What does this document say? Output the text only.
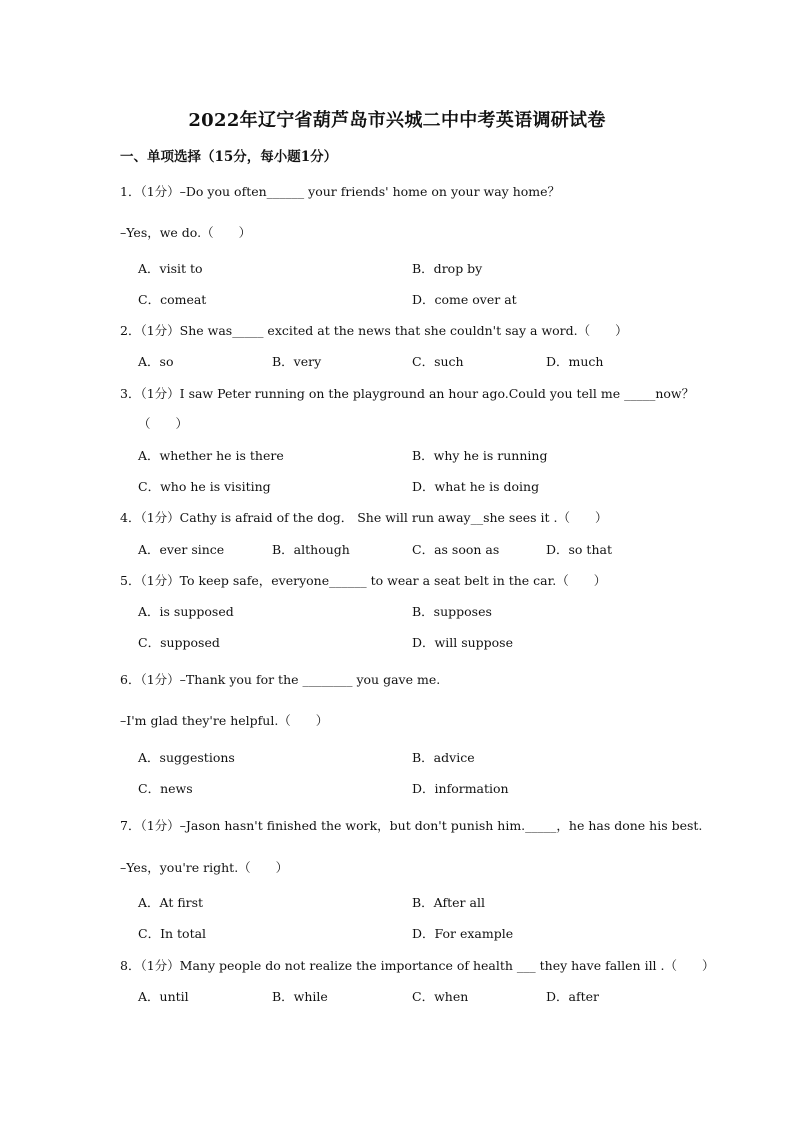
2022年辽宁省葫芦岛市兴城二中中考英语调研试卷
一、单项选择（15分，每小题1分）
1．（1分）–Do you often______ your friends' home on your way home？
–Yes，we do.（　　）
A．visit to	B．drop by
C．comeat	D．come over at
2．（1分）She was_____ excited at the news that she couldn't say a word.（　　）
A．so	B．very	C．such	D．much
3．（1分）I saw Peter running on the playground an hour ago.Could you tell me _____now？
（　　）
A．whether he is there	B．why he is running
C．who he is visiting	D．what he is doing
4．（1分）Cathy is afraid of the dog． She will run away__she sees it .（　　）
A．ever since	B．although	C．as soon as	D．so that
5．（1分）To keep safe，everyone______ to wear a seat belt in the car.（　　）
A．is supposed	B．supposes
C．supposed	D．will suppose
6．（1分）–Thank you for the ________ you gave me.
–I'm glad they're helpful.（　　）
A．suggestions	B．advice
C．news	D．information
7．（1分）–Jason hasn't finished the work，but don't punish him._____，he has done his best.
–Yes，you're right.（　　）
A．At first	B．After all
C．In total	D．For example
8．（1分）Many people do not realize the importance of health ___ they have fallen ill .（　　）
A．until	B．while	C．when	D．after
